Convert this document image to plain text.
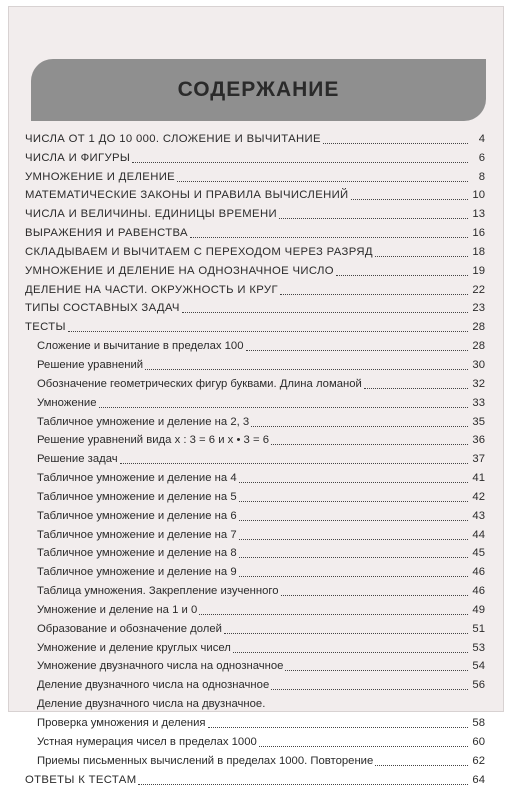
СОДЕРЖАНИЕ
ЧИСЛА ОТ 1 ДО 10 000. СЛОЖЕНИЕ И ВЫЧИТАНИЕ	4
ЧИСЛА И ФИГУРЫ	6
УМНОЖЕНИЕ И ДЕЛЕНИЕ	8
МАТЕМАТИЧЕСКИЕ ЗАКОНЫ И ПРАВИЛА ВЫЧИСЛЕНИЙ	10
ЧИСЛА И ВЕЛИЧИНЫ. ЕДИНИЦЫ ВРЕМЕНИ	13
ВЫРАЖЕНИЯ И РАВЕНСТВА	16
СКЛАДЫВАЕМ И ВЫЧИТАЕМ С ПЕРЕХОДОМ ЧЕРЕЗ РАЗРЯД	18
УМНОЖЕНИЕ И ДЕЛЕНИЕ НА ОДНОЗНАЧНОЕ ЧИСЛО	19
ДЕЛЕНИЕ НА ЧАСТИ. ОКРУЖНОСТЬ И КРУГ	22
ТИПЫ СОСТАВНЫХ ЗАДАЧ	23
ТЕСТЫ	28
Сложение и вычитание в пределах 100	28
Решение уравнений	30
Обозначение геометрических фигур буквами. Длина ломаной	32
Умножение	33
Табличное умножение и деление на 2, 3	35
Решение уравнений вида x : 3 = 6 и x • 3 = 6	36
Решение задач	37
Табличное умножение и деление на 4	41
Табличное умножение и деление на 5	42
Табличное умножение и деление на 6	43
Табличное умножение и деление на 7	44
Табличное умножение и деление на 8	45
Табличное умножение и деление на 9	46
Таблица умножения. Закрепление изученного	46
Умножение и деление на 1 и 0	49
Образование и обозначение долей	51
Умножение и деление круглых чисел	53
Умножение двузначного числа на однозначное	54
Деление двузначного числа на однозначное	56
Деление двузначного числа на двузначное.
Проверка умножения и деления	58
Устная нумерация чисел в пределах 1000	60
Приемы письменных вычислений в пределах 1000. Повторение	62
ОТВЕТЫ К ТЕСТАМ	64
